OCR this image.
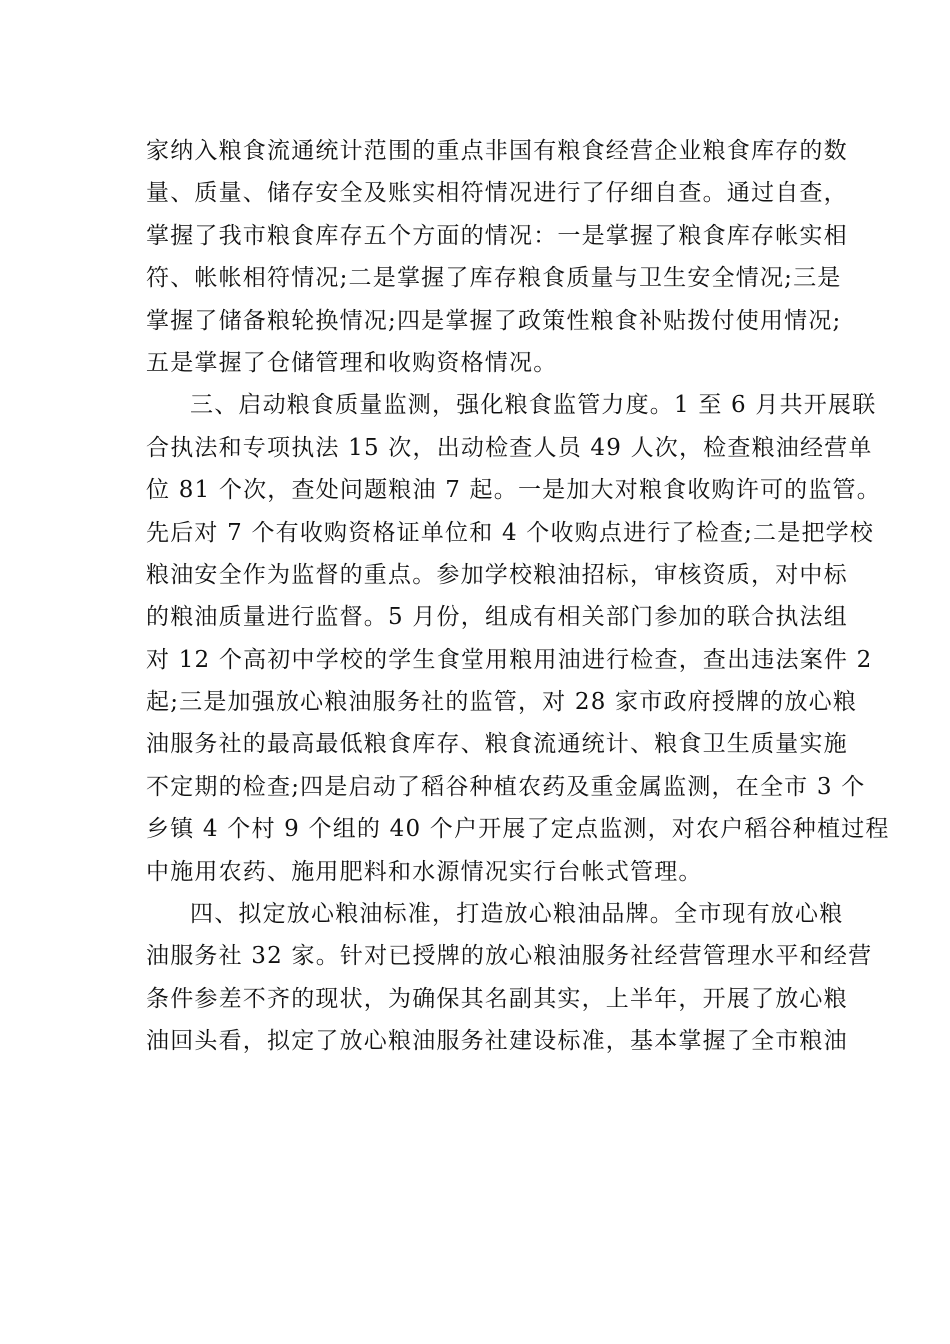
家纳入粮食流通统计范围的重点非国有粮食经营企业粮食库存的数
量、质量、储存安全及账实相符情况进行了仔细自查。通过自查，
掌握了我市粮食库存五个方面的情况：一是掌握了粮食库存帐实相
符、帐帐相符情况;二是掌握了库存粮食质量与卫生安全情况;三是
掌握了储备粮轮换情况;四是掌握了政策性粮食补贴拨付使用情况;
五是掌握了仓储管理和收购资格情况。
三、启动粮食质量监测，强化粮食监管力度。1 至 6 月共开展联
合执法和专项执法 15 次，出动检查人员 49 人次，检查粮油经营单
位 81 个次，查处问题粮油 7 起。一是加大对粮食收购许可的监管。
先后对 7 个有收购资格证单位和 4 个收购点进行了检查;二是把学校
粮油安全作为监督的重点。参加学校粮油招标，审核资质，对中标
的粮油质量进行监督。5 月份，组成有相关部门参加的联合执法组
对 12 个高初中学校的学生食堂用粮用油进行检查，查出违法案件 2
起;三是加强放心粮油服务社的监管，对 28 家市政府授牌的放心粮
油服务社的最高最低粮食库存、粮食流通统计、粮食卫生质量实施
不定期的检查;四是启动了稻谷种植农药及重金属监测，在全市 3 个
乡镇 4 个村 9 个组的 40 个户开展了定点监测，对农户稻谷种植过程
中施用农药、施用肥料和水源情况实行台帐式管理。
四、拟定放心粮油标准，打造放心粮油品牌。全市现有放心粮
油服务社 32 家。针对已授牌的放心粮油服务社经营管理水平和经营
条件参差不齐的现状，为确保其名副其实，上半年，开展了放心粮
油回头看，拟定了放心粮油服务社建设标准，基本掌握了全市粮油
